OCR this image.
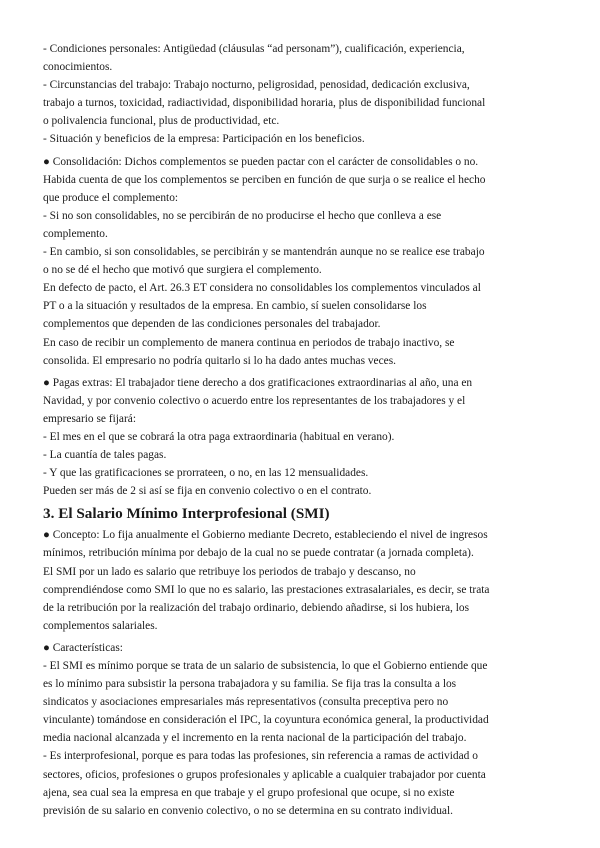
- Condiciones personales: Antigüedad (cláusulas “ad personam”), cualificación, experiencia,
conocimientos.
- Circunstancias del trabajo: Trabajo nocturno, peligrosidad, penosidad, dedicación exclusiva,
trabajo a turnos, toxicidad, radiactividad, disponibilidad horaria, plus de disponibilidad funcional
o polivalencia funcional, plus de productividad, etc.
- Situación y beneficios de la empresa: Participación en los beneficios.
● Consolidación: Dichos complementos se pueden pactar con el carácter de consolidables o no.
Habida cuenta de que los complementos se perciben en función de que surja o se realice el hecho
que produce el complemento:
- Si no son consolidables, no se percibirán de no producirse el hecho que conlleva a ese
complemento.
- En cambio, si son consolidables, se percibirán y se mantendrán aunque no se realice ese trabajo
o no se dé el hecho que motivó que surgiera el complemento.
En defecto de pacto, el Art. 26.3 ET considera no consolidables los complementos vinculados al
PT o a la situación y resultados de la empresa. En cambio, sí suelen consolidarse los
complementos que dependen de las condiciones personales del trabajador.
En caso de recibir un complemento de manera continua en periodos de trabajo inactivo, se
consolida. El empresario no podría quitarlo si lo ha dado antes muchas veces.
● Pagas extras: El trabajador tiene derecho a dos gratificaciones extraordinarias al año, una en
Navidad, y por convenio colectivo o acuerdo entre los representantes de los trabajadores y el
empresario se fijará:
- El mes en el que se cobrará la otra paga extraordinaria (habitual en verano).
- La cuantía de tales pagas.
- Y que las gratificaciones se prorrateen, o no, en las 12 mensualidades.
Pueden ser más de 2 si así se fija en convenio colectivo o en el contrato.
3. El Salario Mínimo Interprofesional (SMI)
● Concepto: Lo fija anualmente el Gobierno mediante Decreto, estableciendo el nivel de ingresos
mínimos, retribución mínima por debajo de la cual no se puede contratar (a jornada completa).
El SMI por un lado es salario que retribuye los periodos de trabajo y descanso, no
comprendiéndose como SMI lo que no es salario, las prestaciones extrasalariales, es decir, se trata
de la retribución por la realización del trabajo ordinario, debiendo añadirse, si los hubiera, los
complementos salariales.
● Características:
- El SMI es mínimo porque se trata de un salario de subsistencia, lo que el Gobierno entiende que
es lo mínimo para subsistir la persona trabajadora y su familia. Se fija tras la consulta a los
sindicatos y asociaciones empresariales más representativos (consulta preceptiva pero no
vinculante) tomándose en consideración el IPC, la coyuntura económica general, la productividad
media nacional alcanzada y el incremento en la renta nacional de la participación del trabajo.
- Es interprofesional, porque es para todas las profesiones, sin referencia a ramas de actividad o
sectores, oficios, profesiones o grupos profesionales y aplicable a cualquier trabajador por cuenta
ajena, sea cual sea la empresa en que trabaje y el grupo profesional que ocupe, si no existe
previsión de su salario en convenio colectivo, o no se determina en su contrato individual.
